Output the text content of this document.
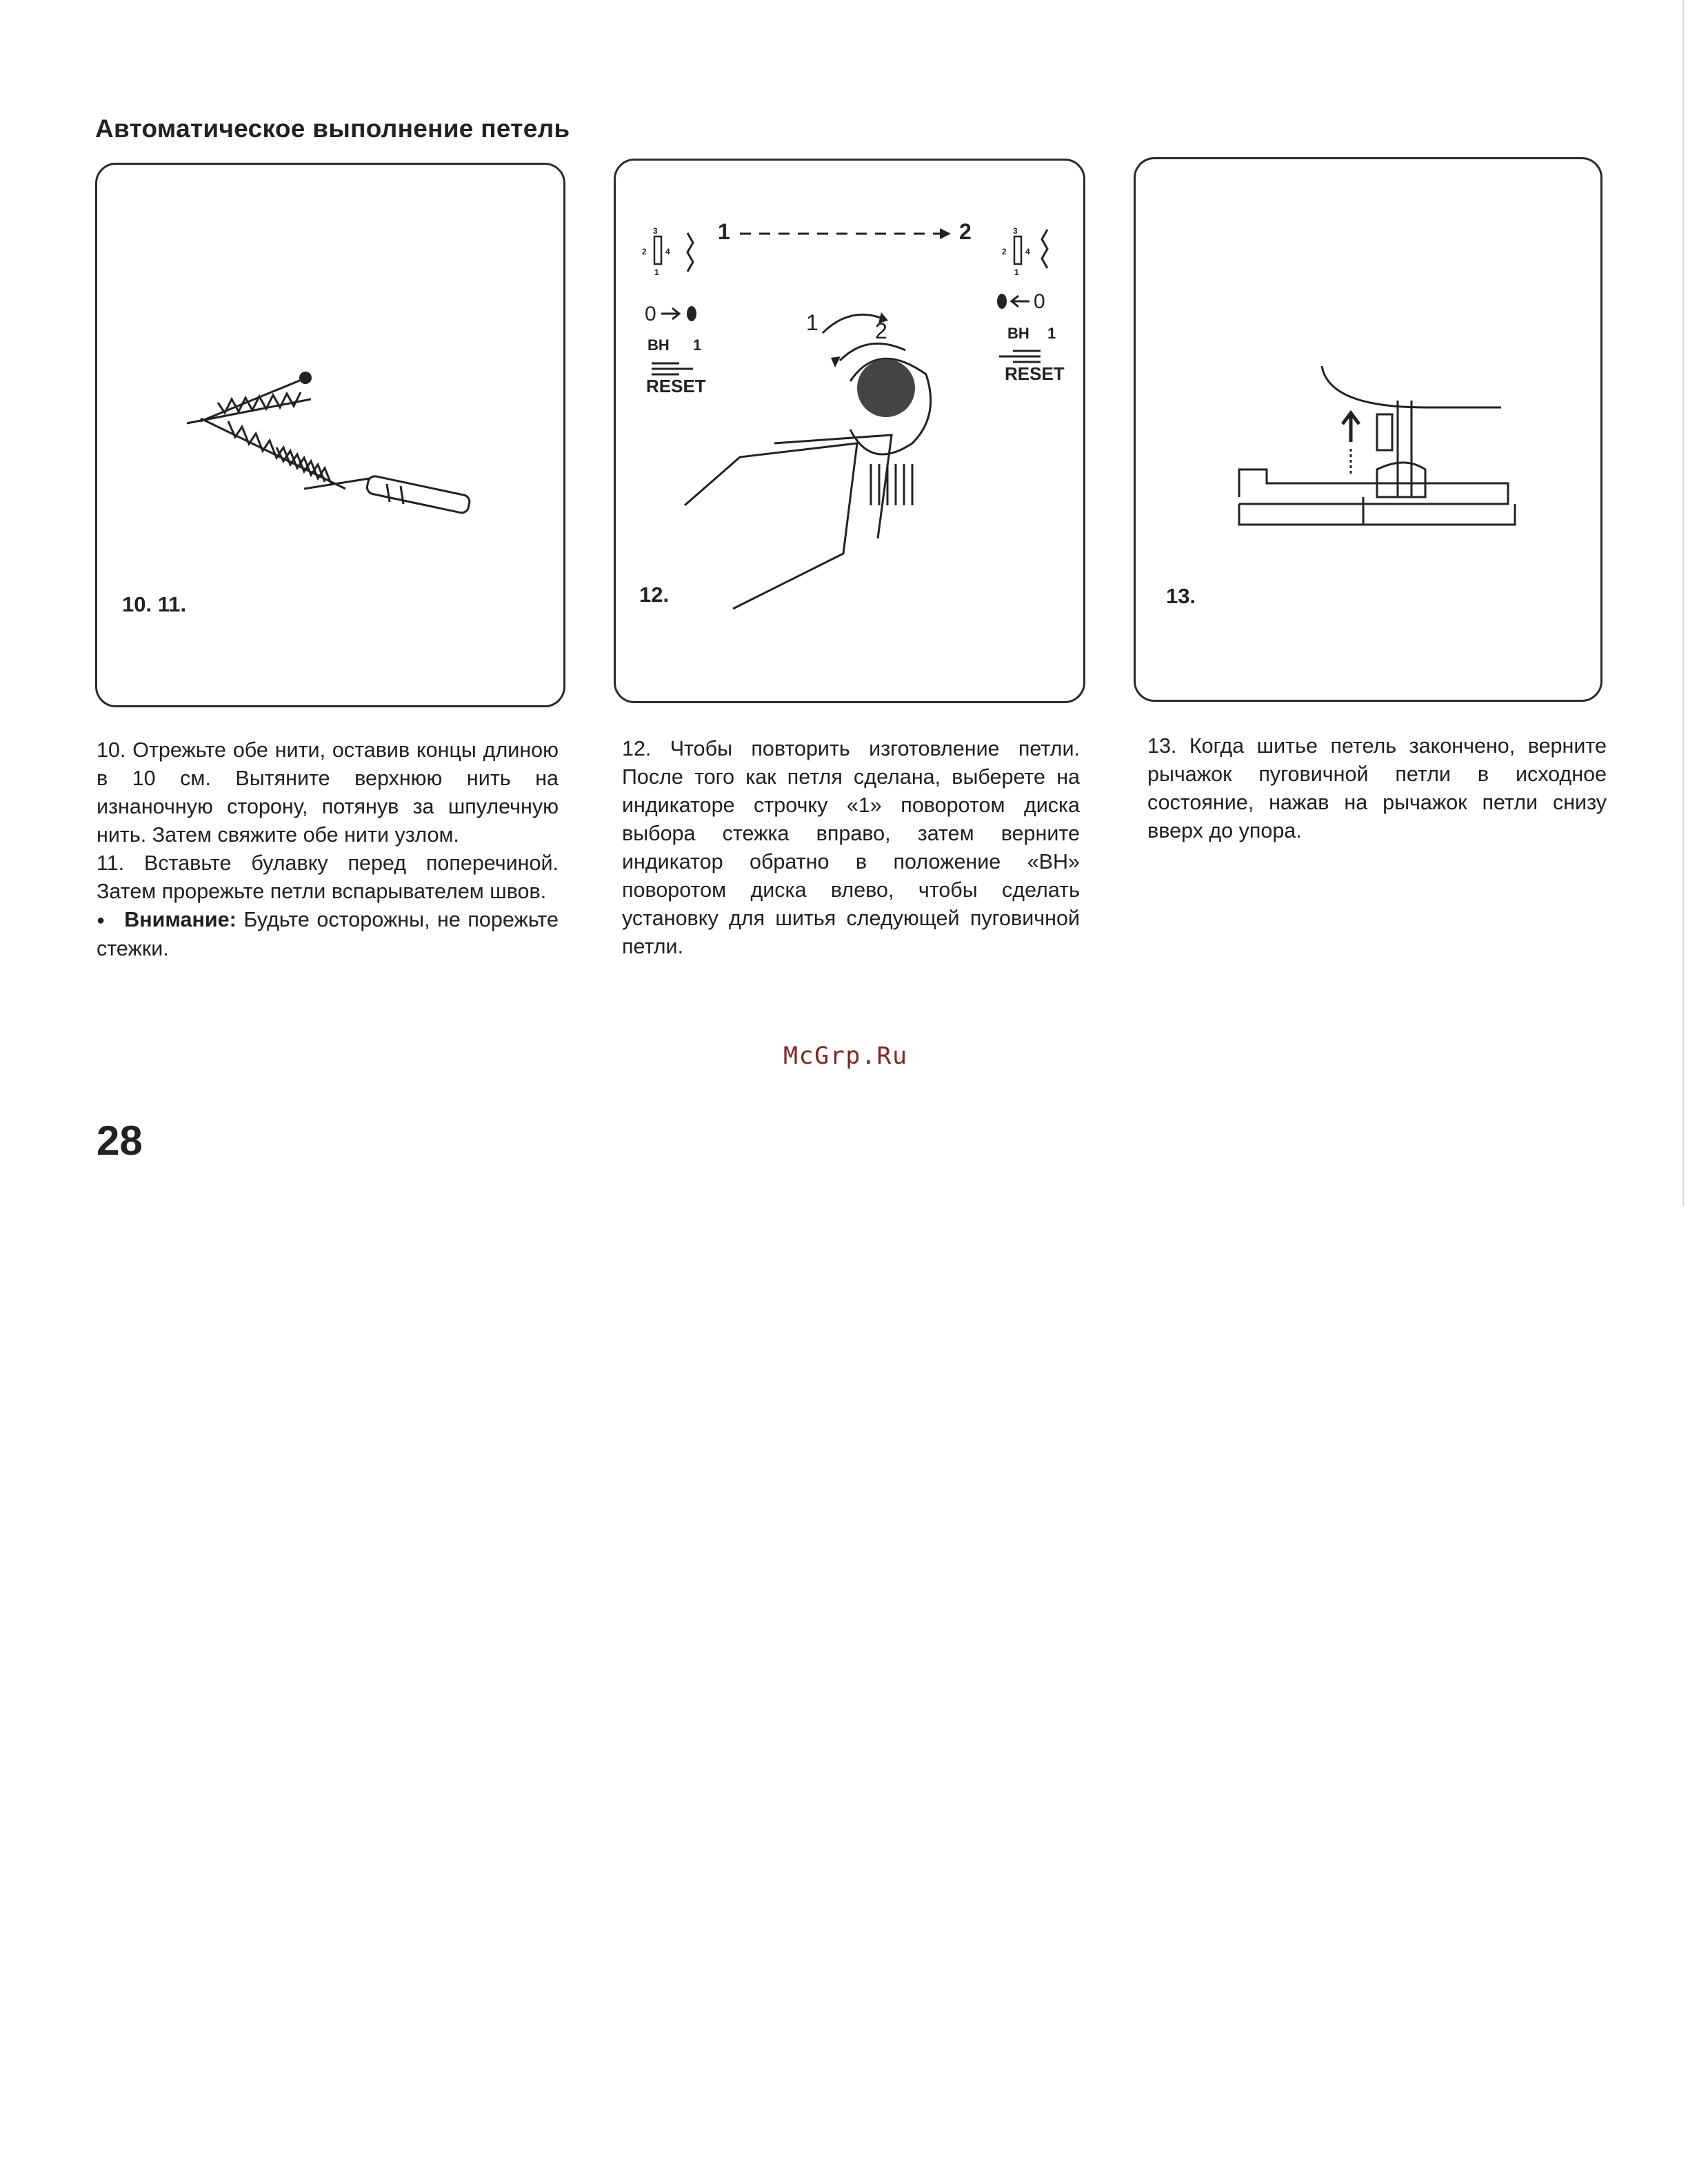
Автоматическое выполнение петель
10. 11.
3
2 4
1
0
BH 1
RESET
1	2	3
2 4
1
0
BH 1
RESET
1	2
12.	13.

10. Отрежьте обе нити, оставив концы длиною в 10 см. Вытяните верхнюю нить на изнаночную сторону, потянув за шпулечную нить. Затем свяжите обе нити узлом.

11. Вставьте булавку перед поперечиной. Затем прорежьте петли вспарывателем швов.

● Внимание: Будьте осторожны, не порежьте стежки.

12. Чтобы повторить изготовление петли. После того как петля сделана, выберете на индикаторе строчку «1» поворотом диска выбора стежка вправо, затем верните индикатор обратно в положение «ВН» поворотом диска влево, чтобы сделать установку для шитья следующей пуговичной петли.

13. Когда шитье петель закончено, верните рычажок пуговичной петли в исходное состояние, нажав на рычажок петли снизу вверх до упора.

McGrp.Ru
28
